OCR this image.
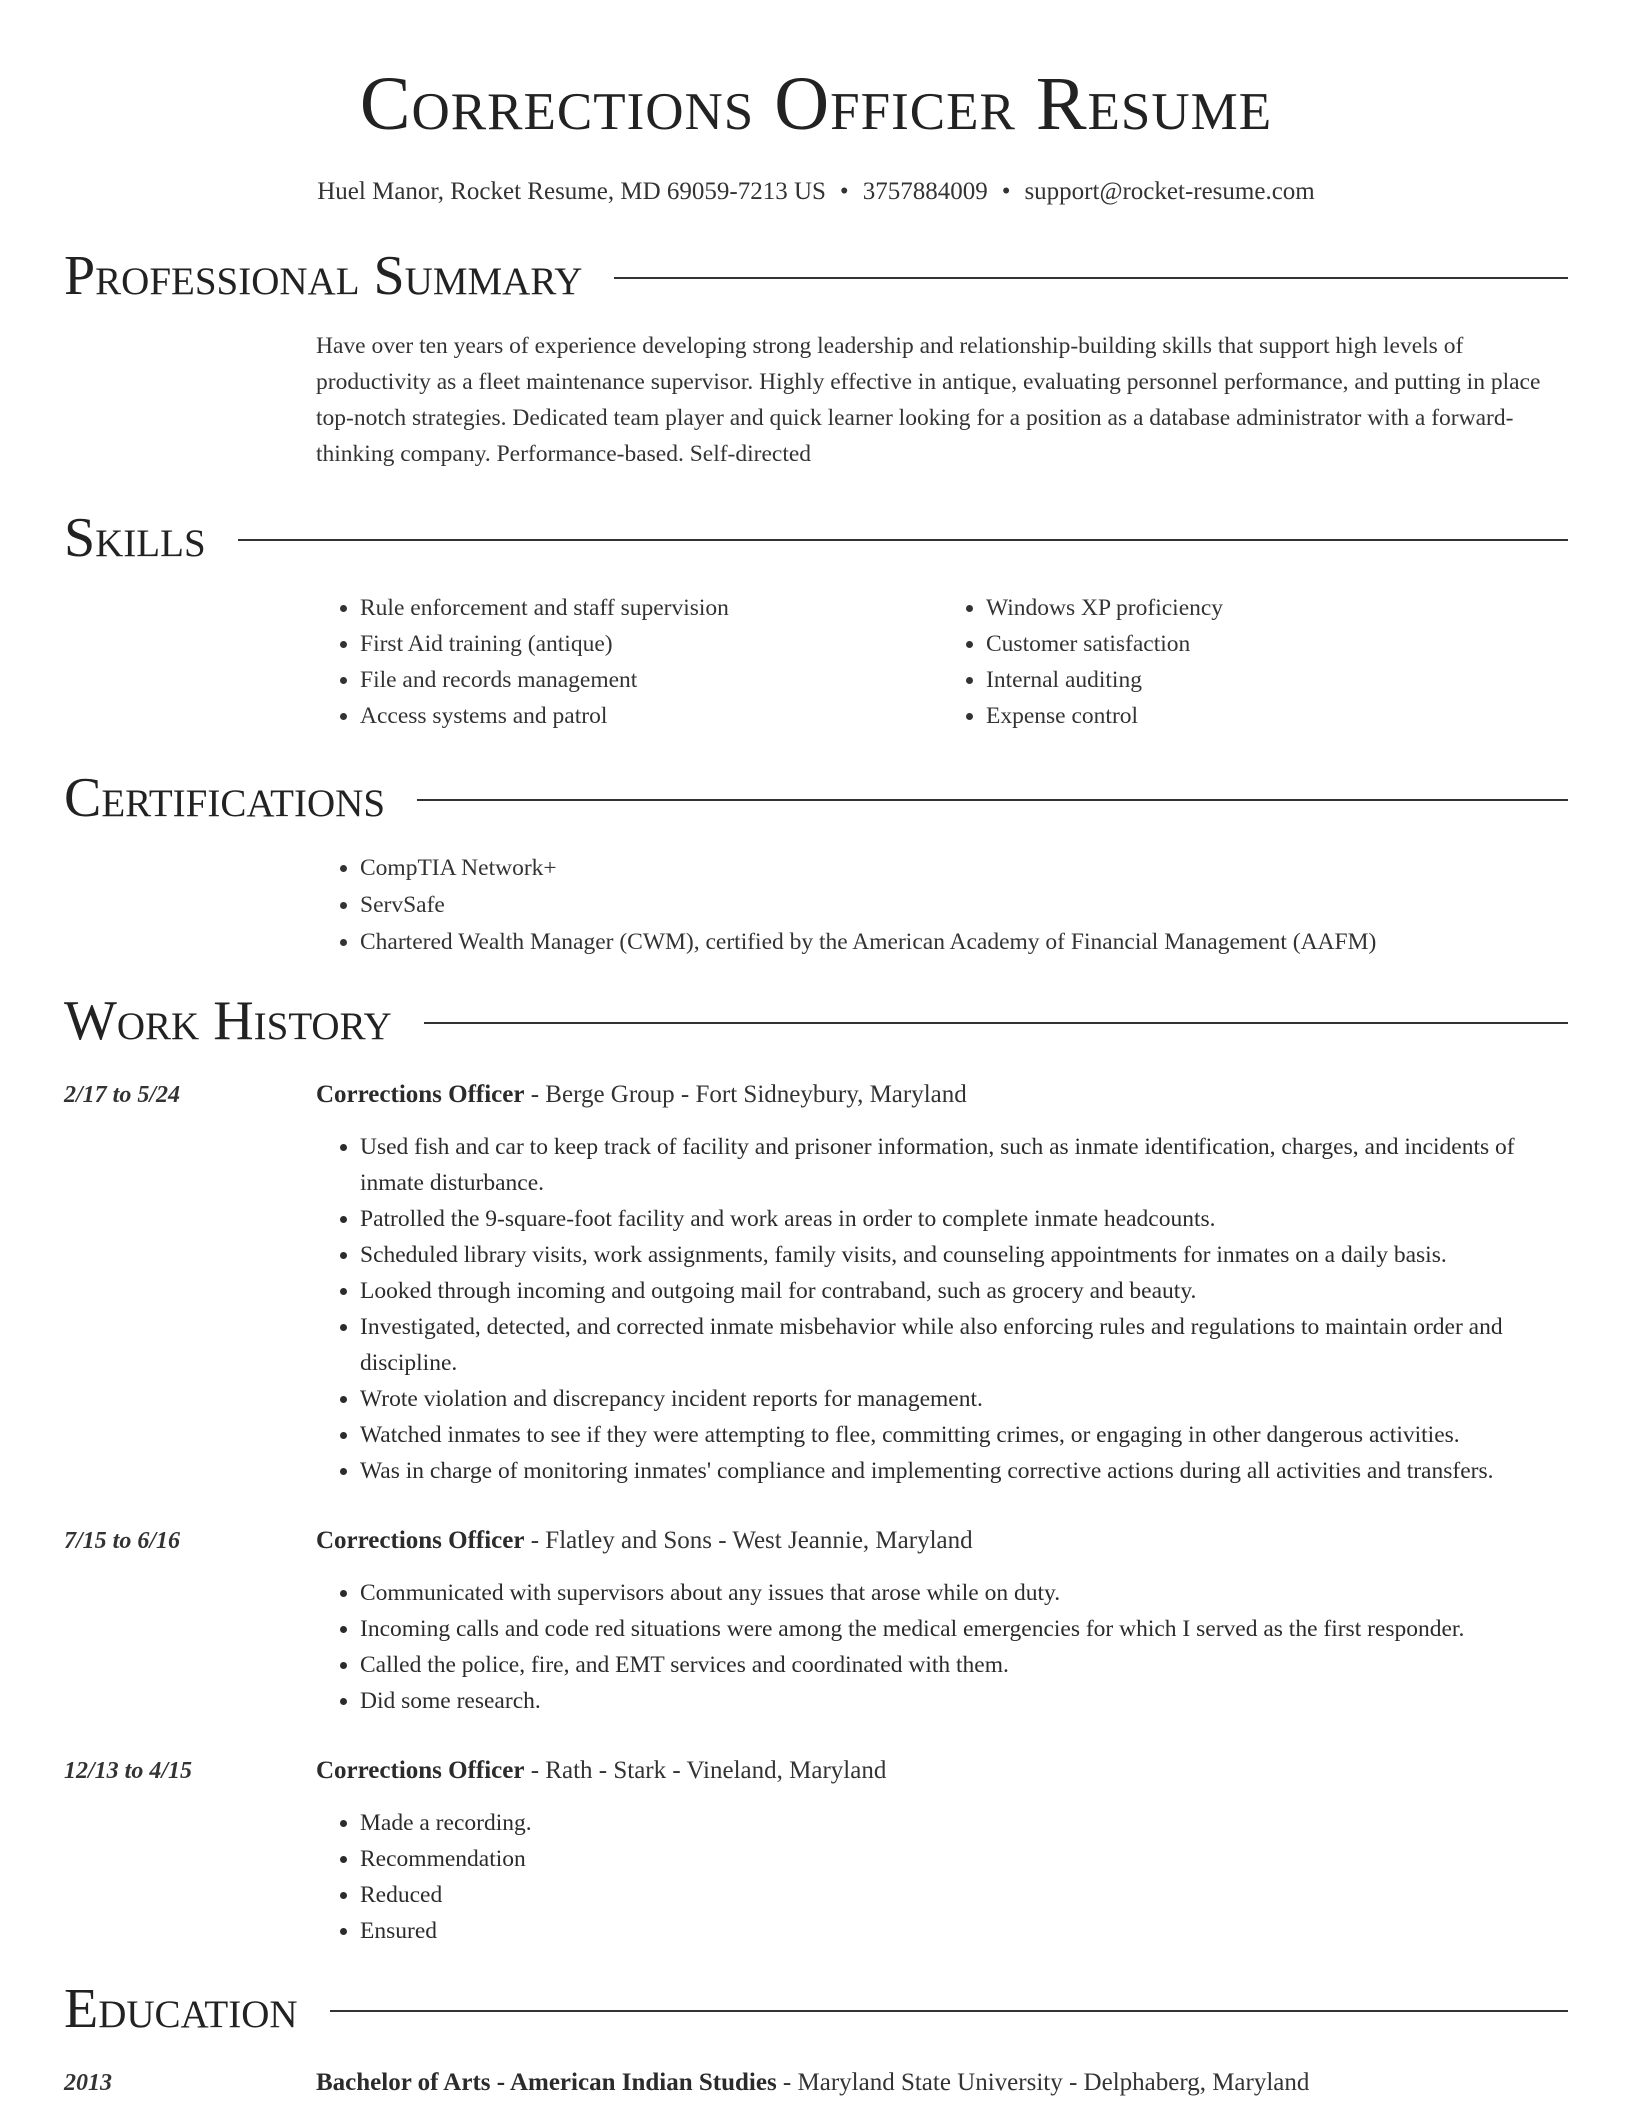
Corrections Officer Resume
Huel Manor, Rocket Resume, MD 69059-7213 US • 3757884009 • support@rocket-resume.com
Professional Summary
Have over ten years of experience developing strong leadership and relationship-building skills that support high levels of productivity as a fleet maintenance supervisor. Highly effective in antique, evaluating personnel performance, and putting in place top-notch strategies. Dedicated team player and quick learner looking for a position as a database administrator with a forward-thinking company. Performance-based. Self-directed
Skills
• Rule enforcement and staff supervision
• First Aid training (antique)
• File and records management
• Access systems and patrol
• Windows XP proficiency
• Customer satisfaction
• Internal auditing
• Expense control
Certifications
• CompTIA Network+
• ServSafe
• Chartered Wealth Manager (CWM), certified by the American Academy of Financial Management (AAFM)
Work History
2/17 to 5/24	Corrections Officer - Berge Group - Fort Sidneybury, Maryland
• Used fish and car to keep track of facility and prisoner information, such as inmate identification, charges, and incidents of inmate disturbance.
• Patrolled the 9-square-foot facility and work areas in order to complete inmate headcounts.
• Scheduled library visits, work assignments, family visits, and counseling appointments for inmates on a daily basis.
• Looked through incoming and outgoing mail for contraband, such as grocery and beauty.
• Investigated, detected, and corrected inmate misbehavior while also enforcing rules and regulations to maintain order and discipline.
• Wrote violation and discrepancy incident reports for management.
• Watched inmates to see if they were attempting to flee, committing crimes, or engaging in other dangerous activities.
• Was in charge of monitoring inmates' compliance and implementing corrective actions during all activities and transfers.
7/15 to 6/16	Corrections Officer - Flatley and Sons - West Jeannie, Maryland
• Communicated with supervisors about any issues that arose while on duty.
• Incoming calls and code red situations were among the medical emergencies for which I served as the first responder.
• Called the police, fire, and EMT services and coordinated with them.
• Did some research.
12/13 to 4/15	Corrections Officer - Rath - Stark - Vineland, Maryland
• Made a recording.
• Recommendation
• Reduced
• Ensured
Education
2013	Bachelor of Arts - American Indian Studies - Maryland State University - Delphaberg, Maryland
